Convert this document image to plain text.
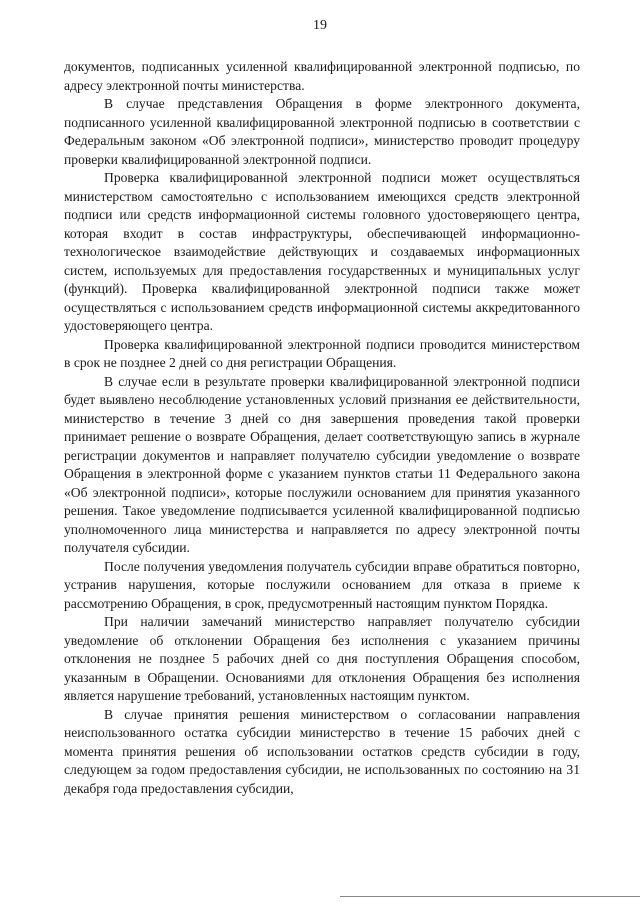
19

документов, подписанных усиленной квалифицированной электронной подписью, по адресу электронной почты министерства.

В случае представления Обращения в форме электронного документа, подписанного усиленной квалифицированной электронной подписью в соответствии с Федеральным законом «Об электронной подписи», министерство проводит процедуру проверки квалифицированной электронной подписи.

Проверка квалифицированной электронной подписи может осуществляться министерством самостоятельно с использованием имеющихся средств электронной подписи или средств информационной системы головного удостоверяющего центра, которая входит в состав инфраструктуры, обеспечивающей информационно-технологическое взаимодействие действующих и создаваемых информационных систем, используемых для предоставления государственных и муниципальных услуг (функций). Проверка квалифицированной электронной подписи также может осуществляться с использованием средств информационной системы аккредитованного удостоверяющего центра.

Проверка квалифицированной электронной подписи проводится министерством в срок не позднее 2 дней со дня регистрации Обращения.

В случае если в результате проверки квалифицированной электронной подписи будет выявлено несоблюдение установленных условий признания ее действительности, министерство в течение 3 дней со дня завершения проведения такой проверки принимает решение о возврате Обращения, делает соответствующую запись в журнале регистрации документов и направляет получателю субсидии уведомление о возврате Обращения в электронной форме с указанием пунктов статьи 11 Федерального закона «Об электронной подписи», которые послужили основанием для принятия указанного решения. Такое уведомление подписывается усиленной квалифицированной подписью уполномоченного лица министерства и направляется по адресу электронной почты получателя субсидии.

После получения уведомления получатель субсидии вправе обратиться повторно, устранив нарушения, которые послужили основанием для отказа в приеме к рассмотрению Обращения, в срок, предусмотренный настоящим пунктом Порядка.

При наличии замечаний министерство направляет получателю субсидии уведомление об отклонении Обращения без исполнения с указанием причины отклонения не позднее 5 рабочих дней со дня поступления Обращения способом, указанным в Обращении. Основаниями для отклонения Обращения без исполнения является нарушение требований, установленных настоящим пунктом.

В случае принятия решения министерством о согласовании направления неиспользованного остатка субсидии министерство в течение 15 рабочих дней с момента принятия решения об использовании остатков средств субсидии в году, следующем за годом предоставления субсидии, не использованных по состоянию на 31 декабря года предоставления субсидии,
